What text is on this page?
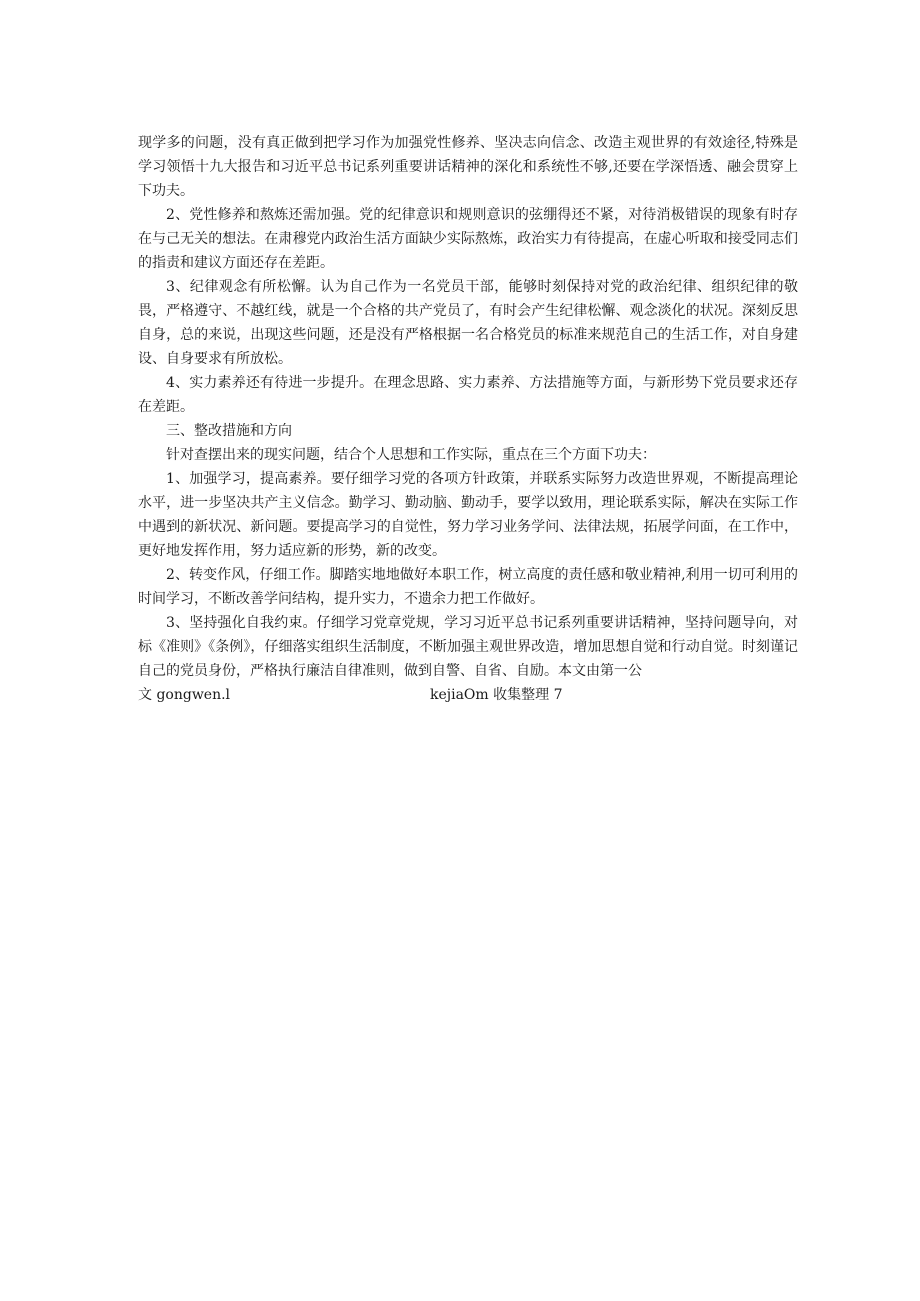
现学多的问题，没有真正做到把学习作为加强党性修养、坚决志向信念、改造主观世界的有效途径,特殊是学习领悟十九大报告和习近平总书记系列重要讲话精神的深化和系统性不够,还要在学深悟透、融会贯穿上下功夫。

2、党性修养和熬炼还需加强。党的纪律意识和规则意识的弦绷得还不紧，对待消极错误的现象有时存在与己无关的想法。在肃穆党内政治生活方面缺少实际熬炼，政治实力有待提高，在虚心听取和接受同志们的指责和建议方面还存在差距。

3、纪律观念有所松懈。认为自己作为一名党员干部，能够时刻保持对党的政治纪律、组织纪律的敬畏，严格遵守、不越红线，就是一个合格的共产党员了，有时会产生纪律松懈、观念淡化的状况。深刻反思自身，总的来说，出现这些问题，还是没有严格根据一名合格党员的标准来规范自己的生活工作，对自身建设、自身要求有所放松。

4、实力素养还有待进一步提升。在理念思路、实力素养、方法措施等方面，与新形势下党员要求还存在差距。

三、整改措施和方向

针对查摆出来的现实问题，结合个人思想和工作实际，重点在三个方面下功夫：

1、加强学习，提高素养。要仔细学习党的各项方针政策，并联系实际努力改造世界观，不断提高理论水平，进一步坚决共产主义信念。勤学习、勤动脑、勤动手，要学以致用，理论联系实际，解决在实际工作中遇到的新状况、新问题。要提高学习的自觉性，努力学习业务学问、法律法规，拓展学问面，在工作中，更好地发挥作用，努力适应新的形势，新的改变。

2、转变作风，仔细工作。脚踏实地地做好本职工作，树立高度的责任感和敬业精神,利用一切可利用的时间学习，不断改善学问结构，提升实力，不遗余力把工作做好。

3、坚持强化自我约束。仔细学习党章党规，学习习近平总书记系列重要讲话精神，坚持问题导向，对标《准则》《条例》，仔细落实组织生活制度，不断加强主观世界改造，增加思想自觉和行动自觉。时刻谨记自己的党员身份，严格执行廉洁自律准则，做到自警、自省、自励。本文由第一公

文 gongwen.l	kejiaOm 收集整理 7
